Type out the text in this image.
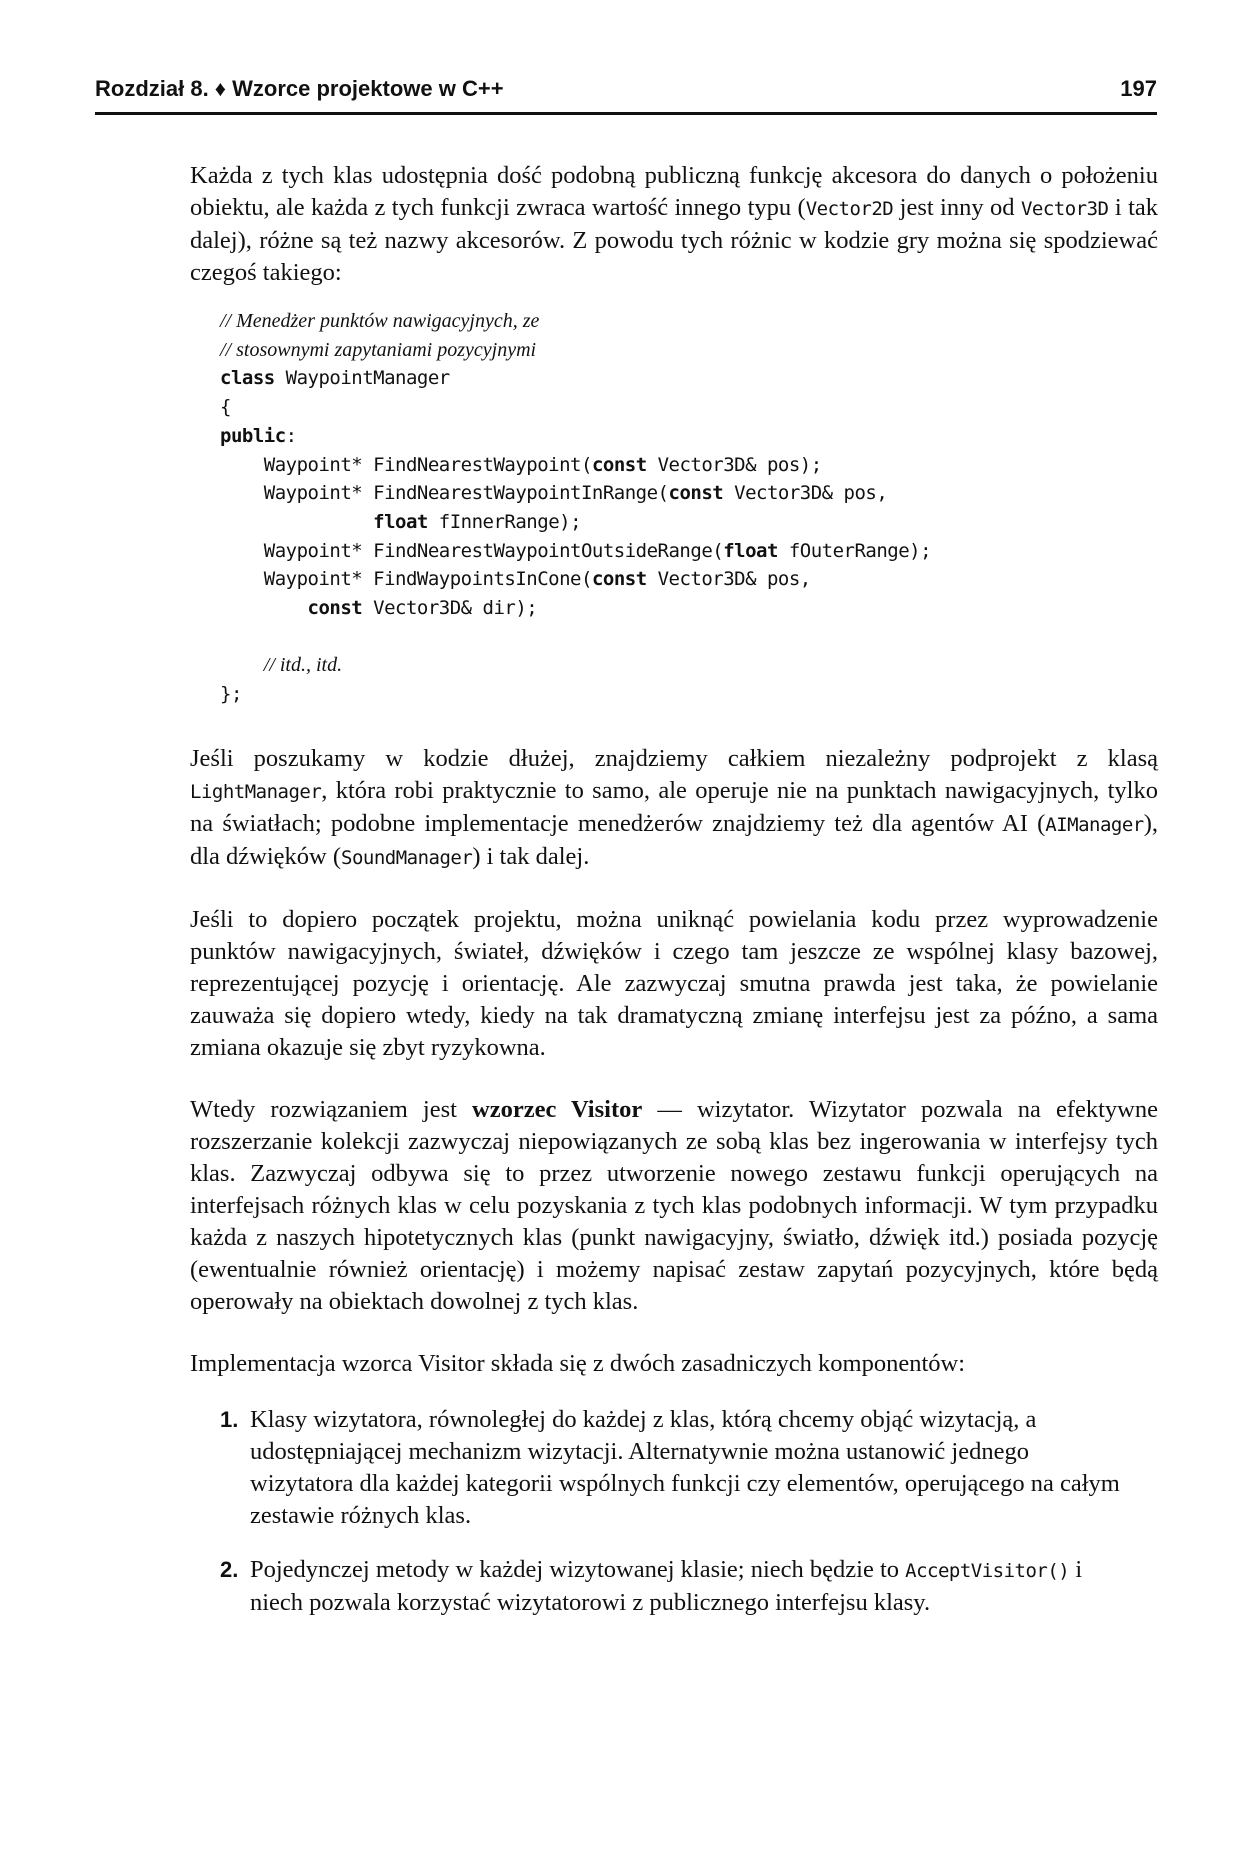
Rozdział 8. ♦ Wzorce projektowe w C++	197

Każda z tych klas udostępnia dość podobną publiczną funkcję akcesora do danych o położeniu obiektu, ale każda z tych funkcji zwraca wartość innego typu (Vector2D jest inny od Vector3D i tak dalej), różne są też nazwy akcesorów. Z powodu tych różnic w kodzie gry można się spodziewać czegoś takiego:

// Menedżer punktów nawigacyjnych, ze
// stosownymi zapytaniami pozycyjnymi
class WaypointManager
{
public:
Waypoint* FindNearestWaypoint(const Vector3D& pos);
Waypoint* FindNearestWaypointInRange(const Vector3D& pos,
float fInnerRange);
Waypoint* FindNearestWaypointOutsideRange(float fOuterRange);
Waypoint* FindWaypointsInCone(const Vector3D& pos,
const Vector3D& dir);

// itd., itd.
};

Jeśli poszukamy w kodzie dłużej, znajdziemy całkiem niezależny podprojekt z klasą LightManager, która robi praktycznie to samo, ale operuje nie na punktach nawigacyjnych, tylko na światłach; podobne implementacje menedżerów znajdziemy też dla agentów AI (AIManager), dla dźwięków (SoundManager) i tak dalej.

Jeśli to dopiero początek projektu, można uniknąć powielania kodu przez wyprowadzenie punktów nawigacyjnych, świateł, dźwięków i czego tam jeszcze ze wspólnej klasy bazowej, reprezentującej pozycję i orientację. Ale zazwyczaj smutna prawda jest taka, że powielanie zauważa się dopiero wtedy, kiedy na tak dramatyczną zmianę interfejsu jest za późno, a sama zmiana okazuje się zbyt ryzykowna.

Wtedy rozwiązaniem jest wzorzec Visitor — wizytator. Wizytator pozwala na efektywne rozszerzanie kolekcji zazwyczaj niepowiązanych ze sobą klas bez ingerowania w interfejsy tych klas. Zazwyczaj odbywa się to przez utworzenie nowego zestawu funkcji operujących na interfejsach różnych klas w celu pozyskania z tych klas podobnych informacji. W tym przypadku każda z naszych hipotetycznych klas (punkt nawigacyjny, światło, dźwięk itd.) posiada pozycję (ewentualnie również orientację) i możemy napisać zestaw zapytań pozycyjnych, które będą operowały na obiektach dowolnej z tych klas.

Implementacja wzorca Visitor składa się z dwóch zasadniczych komponentów:

1. Klasy wizytatora, równoległej do każdej z klas, którą chcemy objąć wizytacją, a udostępniającej mechanizm wizytacji. Alternatywnie można ustanowić jednego wizytatora dla każdej kategorii wspólnych funkcji czy elementów, operującego na całym zestawie różnych klas.
2. Pojedynczej metody w każdej wizytowanej klasie; niech będzie to AcceptVisitor() i niech pozwala korzystać wizytatorowi z publicznego interfejsu klasy.
